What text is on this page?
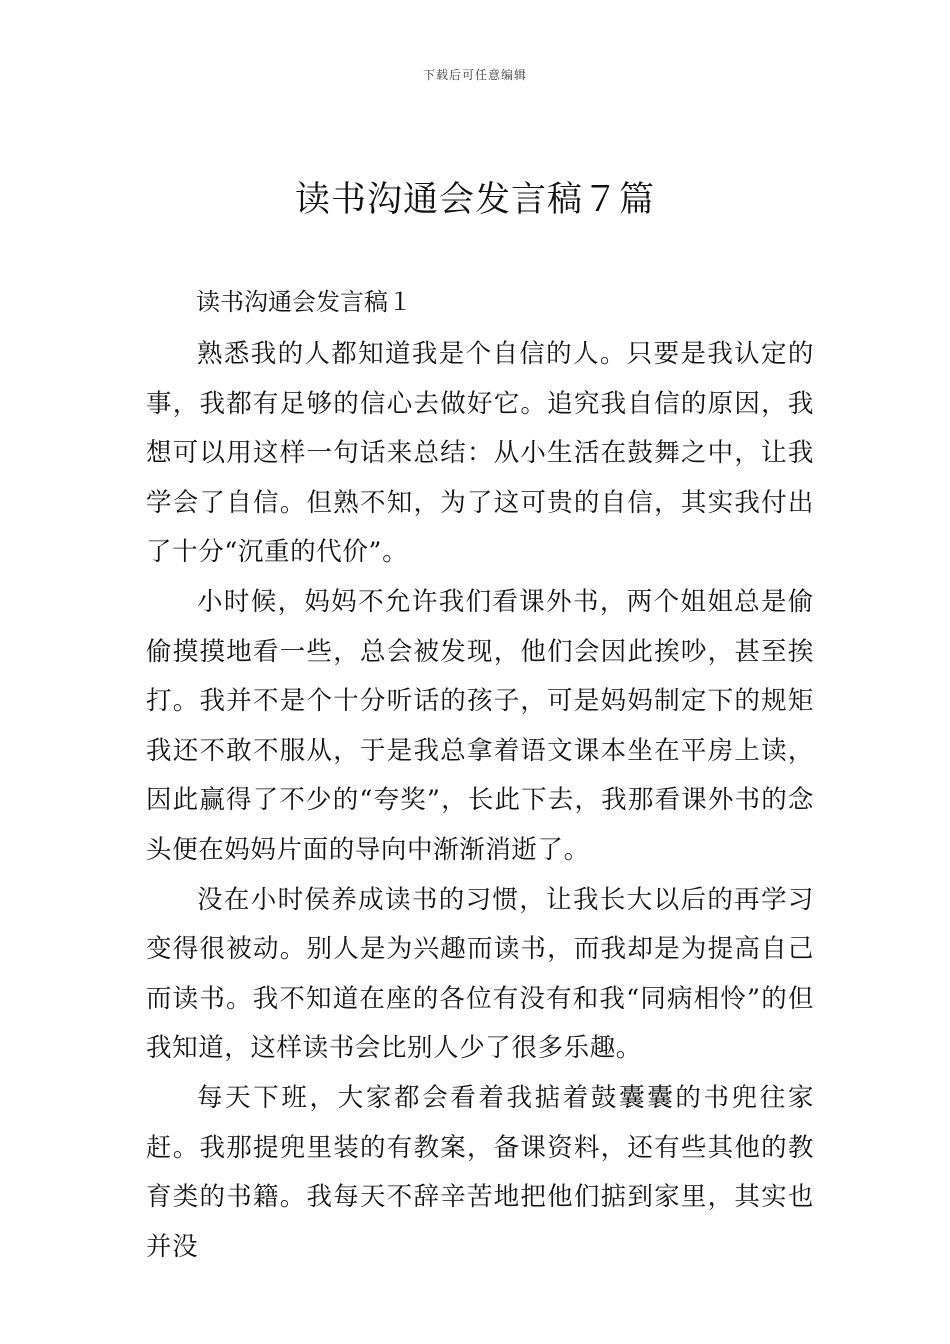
下载后可任意编辑
读书沟通会发言稿７篇
读书沟通会发言稿１

熟悉我的人都知道我是个自信的人。只要是我认定的事，我都有足够的信心去做好它。追究我自信的原因，我想可以用这样一句话来总结：从小生活在鼓舞之中，让我学会了自信。但熟不知，为了这可贵的自信，其实我付出了十分“沉重的代价”。

小时候，妈妈不允许我们看课外书，两个姐姐总是偷偷摸摸地看一些，总会被发现，他们会因此挨吵，甚至挨打。我并不是个十分听话的孩子，可是妈妈制定下的规矩我还不敢不服从，于是我总拿着语文课本坐在平房上读，因此赢得了不少的“夸奖”，长此下去，我那看课外书的念头便在妈妈片面的导向中渐渐消逝了。

没在小时侯养成读书的习惯，让我长大以后的再学习变得很被动。别人是为兴趣而读书，而我却是为提高自己而读书。我不知道在座的各位有没有和我“同病相怜”的但我知道，这样读书会比别人少了很多乐趣。

每天下班，大家都会看着我掂着鼓囊囊的书兜往家赶。我那提兜里装的有教案，备课资料，还有些其他的教育类的书籍。我每天不辞辛苦地把他们掂到家里，其实也并没
